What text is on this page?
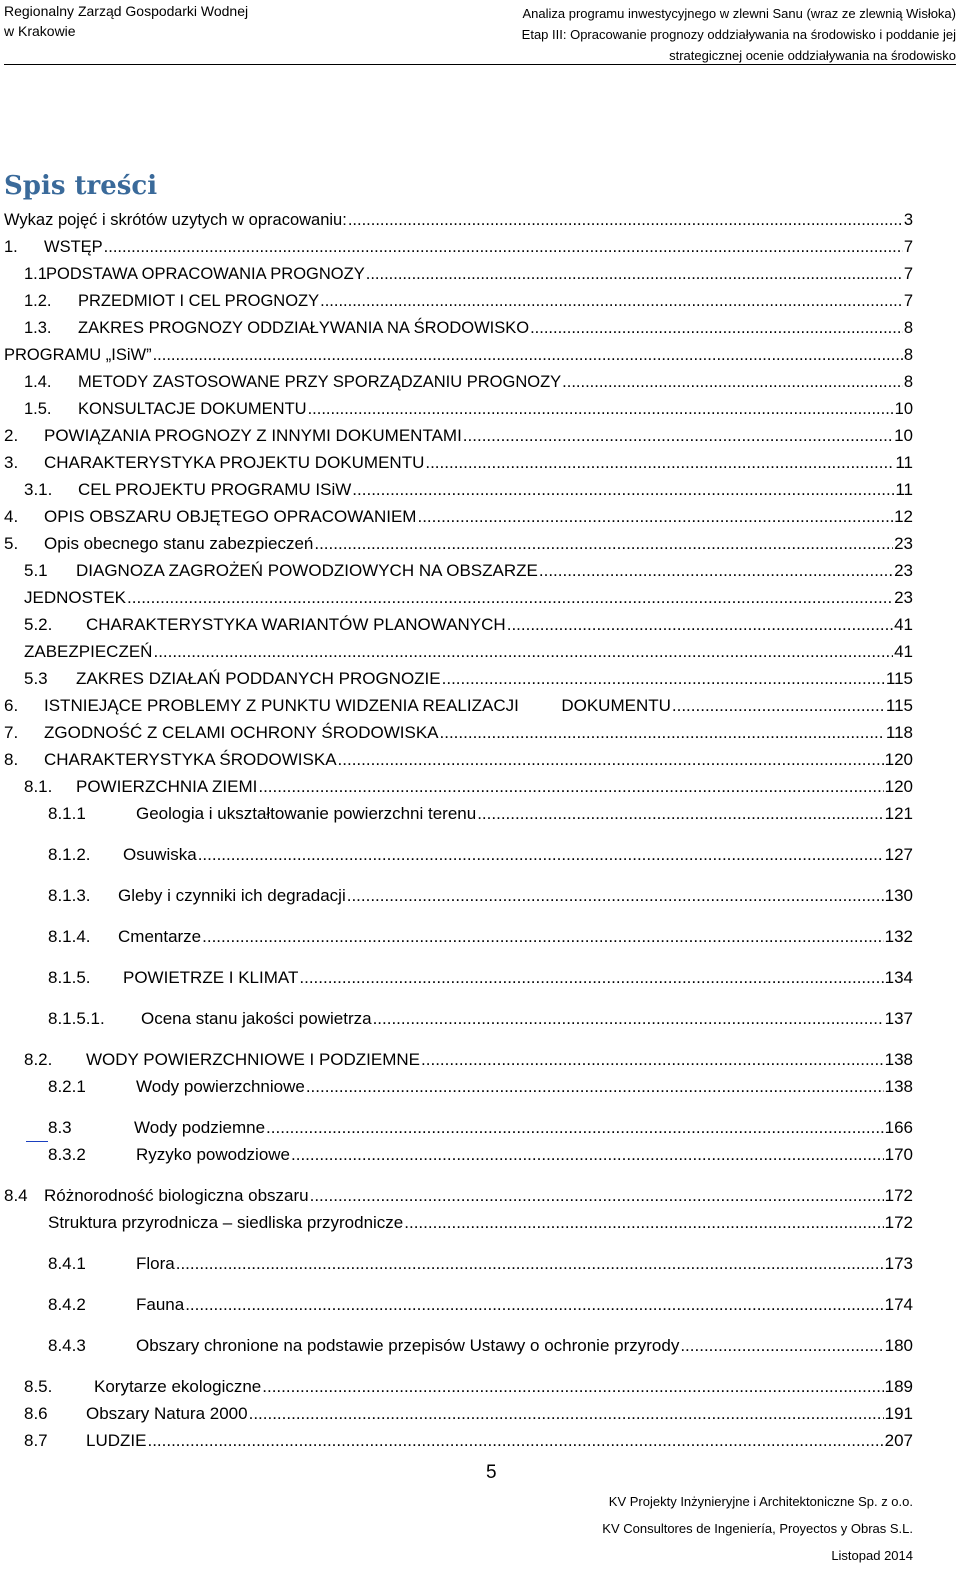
Regionalny Zarząd Gospodarki Wodnej
w Krakowie
Analiza programu inwestycyjnego w zlewni Sanu (wraz ze zlewnią Wisłoka)
Etap III: Opracowanie prognozy oddziaływania na środowisko i poddanie jej
strategicznej ocenie oddziaływania na środowisko
Spis treści
Wykaz pojęć i skrótów uzytych w opracowaniu: .....	3
1.	WSTĘP .....	7
1.1 PODSTAWA OPRACOWANIA PROGNOZY .....	7
1.2.	PRZEDMIOT I CEL PROGNOZY .....	7
1.3.	ZAKRES PROGNOZY ODDZIAŁYWANIA NA ŚRODOWISKO .....	8
PROGRAMU „ISiW” .....	8
1.4.	METODY ZASTOSOWANE PRZY SPORZĄDZANIU PROGNOZY .....	8
1.5.	KONSULTACJE DOKUMENTU .....	10
2.	POWIĄZANIA PROGNOZY Z INNYMI DOKUMENTAMI .....	10
3.	CHARAKTERYSTYKA PROJEKTU DOKUMENTU .....	11
3.1.	CEL PROJEKTU PROGRAMU ISiW .....	11
4.	OPIS OBSZARU OBJĘTEGO OPRACOWANIEM .....	12
5.	Opis obecnego stanu zabezpieczeń .....	23
5.1	DIAGNOZA ZAGROŻEŃ POWODZIOWYCH NA OBSZARZE .....	23
JEDNOSTEK .....	23
5.2.	CHARAKTERYSTYKA WARIANTÓW PLANOWANYCH .....	41
ZABEZPIECZEŃ .....	41
5.3	ZAKRES DZIAŁAŃ PODDANYCH PROGNOZIE .....	115
6.	ISTNIEJĄCE PROBLEMY Z PUNKTU WIDZENIA REALIZACJI         DOKUMENTU .....	115
7.	ZGODNOŚĆ Z CELAMI OCHRONY ŚRODOWISKA .....	118
8.	CHARAKTERYSTYKA ŚRODOWISKA .....	120
8.1.	POWIERZCHNIA ZIEMI .....	120
8.1.1	Geologia i ukształtowanie powierzchni terenu .....	121
8.1.2.	Osuwiska .....	127
8.1.3.	Gleby i czynniki ich degradacji .....	130
8.1.4.	Cmentarze .....	132
8.1.5.	POWIETRZE I KLIMAT .....	134
8.1.5.1.	Ocena stanu jakości powietrza .....	137
8.2.	WODY POWIERZCHNIOWE I PODZIEMNE .....	138
8.2.1	Wody powierzchniowe .....	138
8.3	Wody podziemne .....	166
8.3.2	Ryzyko powodziowe .....	170
8.4 Różnorodność biologiczna obszaru .....	172
Struktura przyrodnicza – siedliska przyrodnicze .....	172
8.4.1	Flora .....	173
8.4.2	Fauna .....	174
8.4.3	Obszary chronione na podstawie przepisów Ustawy o ochronie przyrody .....	180
8.5.	Korytarze ekologiczne .....	189
8.6	Obszary Natura 2000 .....	191
8.7	LUDZIE .....	207
5
KV Projekty Inżynieryjne i Architektoniczne Sp. z o.o.
KV Consultores de Ingeniería, Proyectos y Obras S.L.
Listopad 2014
